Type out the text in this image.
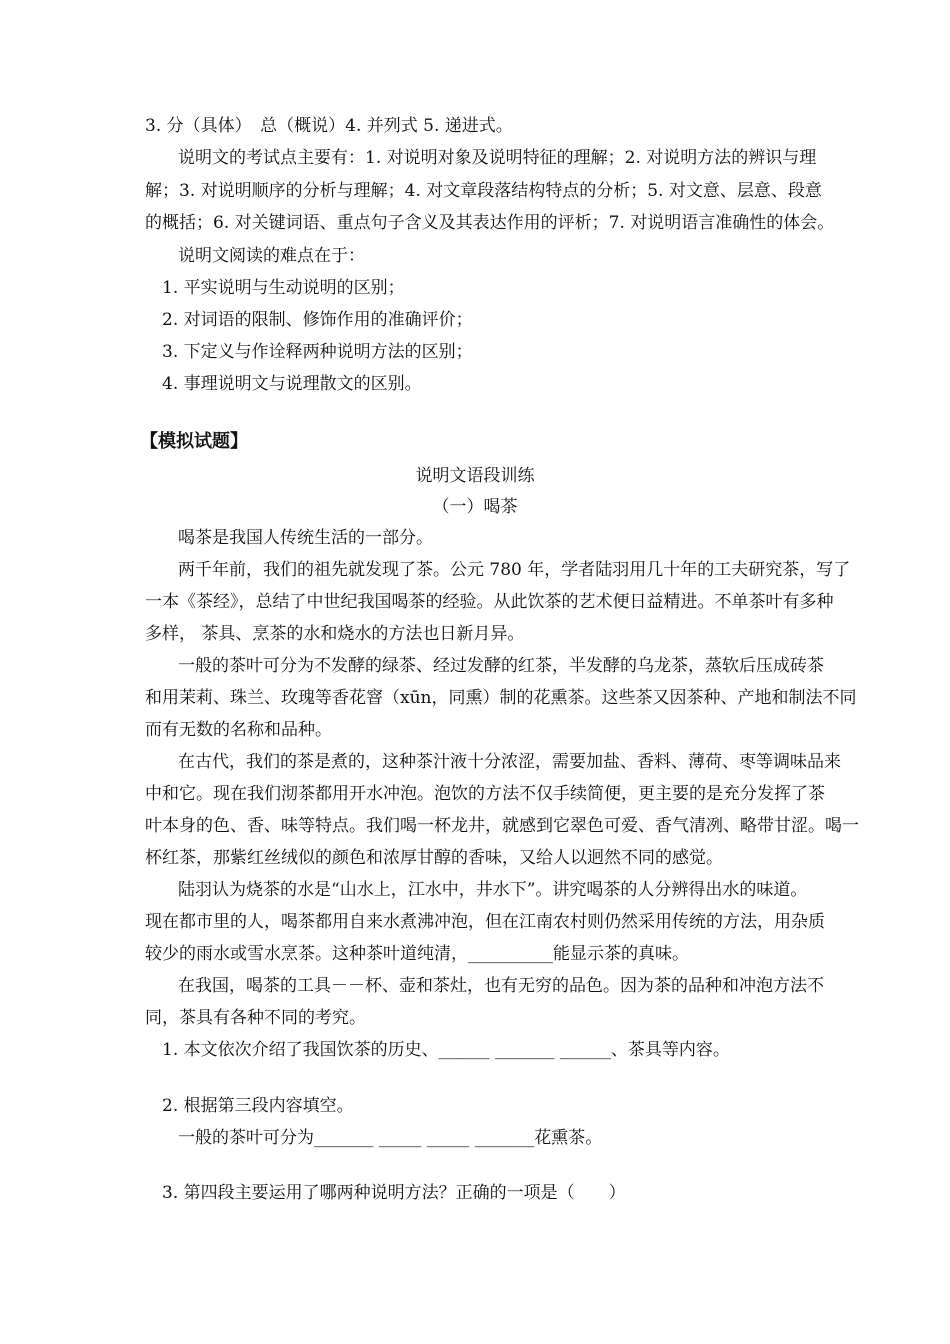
3. 分（具体）　总（概说）4. 并列式 5. 递进式。
说明文的考试点主要有：1. 对说明对象及说明特征的理解；2. 对说明方法的辨识与理
解；3. 对说明顺序的分析与理解；4. 对文章段落结构特点的分析；5. 对文意、层意、段意
的概括；6. 对关键词语、重点句子含义及其表达作用的评析；7. 对说明语言准确性的体会。
说明文阅读的难点在于：
1. 平实说明与生动说明的区别；
2. 对词语的限制、修饰作用的准确评价；
3. 下定义与作诠释两种说明方法的区别；
4. 事理说明文与说理散文的区别。
【模拟试题】
说明文语段训练
（一）喝茶
喝茶是我国人传统生活的一部分。
两千年前，我们的祖先就发现了茶。公元 780 年，学者陆羽用几十年的工夫研究茶，写了
一本《茶经》，总结了中世纪我国喝茶的经验。从此饮茶的艺术便日益精进。不单茶叶有多种
多样， 茶具、烹茶的水和烧水的方法也日新月异。
一般的茶叶可分为不发酵的绿茶、经过发酵的红茶，半发酵的乌龙茶，蒸软后压成砖茶
和用茉莉、珠兰、玫瑰等香花窨（xūn，同熏）制的花熏茶。这些茶又因茶种、产地和制法不同
而有无数的名称和品种。
在古代，我们的茶是煮的，这种茶汁液十分浓涩，需要加盐、香料、薄荷、枣等调味品来
中和它。现在我们沏茶都用开水冲泡。泡饮的方法不仅手续简便，更主要的是充分发挥了茶
叶本身的色、香、味等特点。我们喝一杯龙井，就感到它翠色可爱、香气清冽、略带甘涩。喝一
杯红茶，那紫红丝绒似的颜色和浓厚甘醇的香味，又给人以迥然不同的感觉。
陆羽认为烧茶的水是“山水上，江水中，井水下”。讲究喝茶的人分辨得出水的味道。
现在都市里的人，喝茶都用自来水煮沸冲泡，但在江南农村则仍然采用传统的方法，用杂质
较少的雨水或雪水烹茶。这种茶叶道纯清，__________能显示茶的真味。
在我国，喝茶的工具－－杯、壶和茶灶，也有无穷的品色。因为茶的品种和冲泡方法不
同，茶具有各种不同的考究。
1. 本文依次介绍了我国饮茶的历史、______ _______ ______、茶具等内容。
2. 根据第三段内容填空。
一般的茶叶可分为_______ _____ _____ _______花熏茶。
3. 第四段主要运用了哪两种说明方法？正确的一项是（　　）
